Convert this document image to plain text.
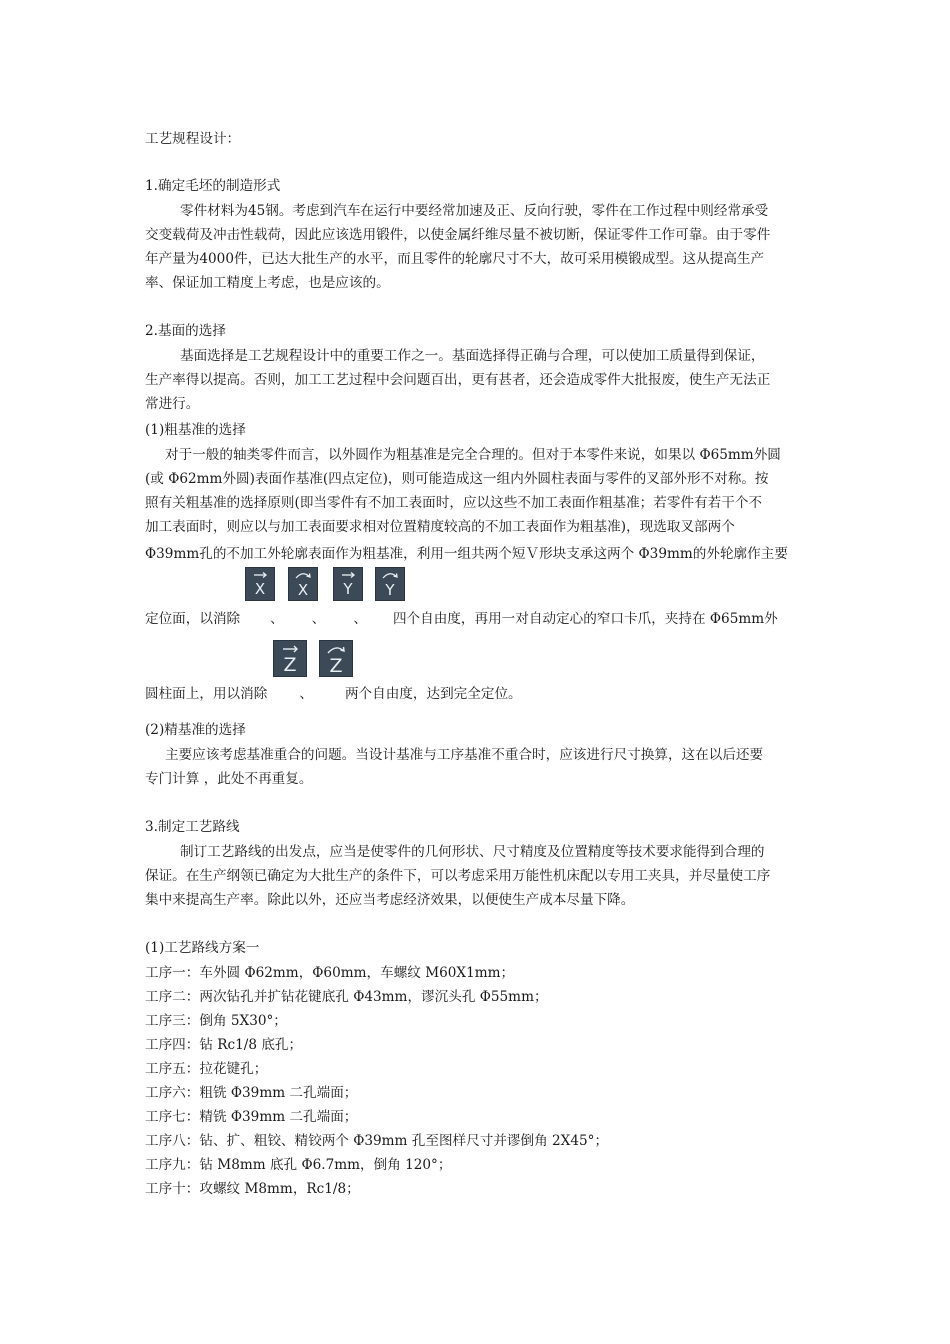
工艺规程设计：
1.确定毛坯的制造形式
零件材料为45钢。考虑到汽车在运行中要经常加速及正、反向行驶，零件在工作过程中则经常承受
交变载荷及冲击性载荷，因此应该选用锻件，以使金属纤维尽量不被切断，保证零件工作可靠。由于零件
年产量为4000件，已达大批生产的水平，而且零件的轮廓尺寸不大，故可采用模锻成型。这从提高生产
率、保证加工精度上考虑，也是应该的。
2.基面的选择
基面选择是工艺规程设计中的重要工作之一。基面选择得正确与合理，可以使加工质量得到保证，
生产率得以提高。否则，加工工艺过程中会问题百出，更有甚者，还会造成零件大批报废，使生产无法正
常进行。
(1)粗基准的选择
对于一般的轴类零件而言，以外圆作为粗基准是完全合理的。但对于本零件来说，如果以 Φ65mm外圆
(或 Φ62mm外圆)表面作基准(四点定位)，则可能造成这一组内外圆柱表面与零件的叉部外形不对称。按
照有关粗基准的选择原则(即当零件有不加工表面时，应以这些不加工表面作粗基准；若零件有若干个不
加工表面时，则应以与加工表面要求相对位置精度较高的不加工表面作为粗基准)，现选取叉部两个
Φ39mm孔的不加工外轮廓表面作为粗基准，利用一组共两个短Ｖ形块支承这两个 Φ39mm的外轮廓作主要
X X Y Y
定位面，以消除 、 、 、 四个自由度，再用一对自动定心的窄口卡爪，夹持在 Φ65mm外
Z Z
圆柱面上，用以消除 、 两个自由度，达到完全定位。
(2)精基准的选择
主要应该考虑基准重合的问题。当设计基准与工序基准不重合时，应该进行尺寸换算，这在以后还要
专门计算 ，此处不再重复。
3.制定工艺路线
制订工艺路线的出发点，应当是使零件的几何形状、尺寸精度及位置精度等技术要求能得到合理的
保证。在生产纲领已确定为大批生产的条件下，可以考虑采用万能性机床配以专用工夹具，并尽量使工序
集中来提高生产率。除此以外，还应当考虑经济效果，以便使生产成本尽量下降。
(1)工艺路线方案一
工序一：车外圆 Φ62mm，Φ60mm，车螺纹 M60X1mm；
工序二：两次钻孔并扩钻花键底孔 Φ43mm，谬沉头孔 Φ55mm；
工序三：倒角 5X30°；
工序四：钻 Rc1/8 底孔；
工序五：拉花键孔；
工序六：粗铣 Φ39mm 二孔端面；
工序七：精铣 Φ39mm 二孔端面；
工序八：钻、扩、粗铰、精铰两个 Φ39mm 孔至图样尺寸并谬倒角 2X45°；
工序九：钻 M8mm 底孔 Φ6.7mm，倒角 120°；
工序十：攻螺纹 M8mm，Rc1/8；
